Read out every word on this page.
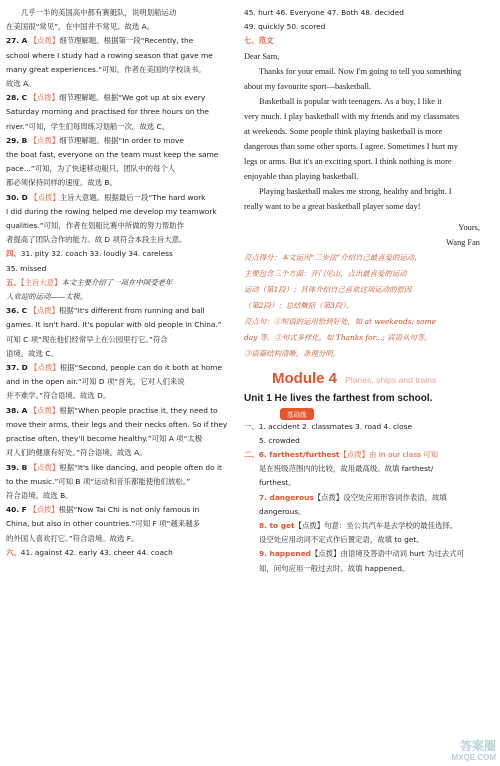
几乎一半的美国高中都有赛艇队，说明划船运动

在美国很“常见”，在中国并不常见。故选 A。

27. A 【点拨】细节理解题。根据第一段“Recently, the

school where I study had a rowing season that gave me

many great experiences.”可知，作者在美国的学校读书。

故选 A。

28. C 【点拨】细节理解题。根据“We got up at six every

Saturday morning and practised for three hours on the

river.”可知，学生们每周练习划船一次。故选 C。

29. B 【点拨】细节理解题。根据“In order to move

the boat fast, everyone on the team must keep the same

pace...”可知，为了快速移动船只，团队中的每个人

都必须保持同样的速度。故选 B。

30. D 【点拨】主旨大意题。根据最后一段“The hard work

I did during the rowing helped me develop my teamwork

qualities.”可知，作者在划船比赛中所做的努力帮助作

者提高了团队合作的能力。故 D 项符合本段主旨大意。

四、31. pity 32. coach 33. loudly 34. careless

35. missed

五、【主旨大意】本文主要介绍了一项在中国受老年

人欢迎的运动——太极。

36. C 【点拨】根据“It's different from running and ball

games. It isn't hard. It's popular with old people in China.”

可知 C 项“现在他们经常早上在公园里打它。”符合

语境。故选 C。

37. D 【点拨】根据“Second, people can do it both at home

and in the open air.”可知 D 项“首先，它对人们来说

并不难学。”符合语境。故选 D。

38. A 【点拨】根据“When people practise it, they need to

move their arms, their legs and their necks often. So if they

practise often, they'll become healthy.”可知 A 项“太极

对人们的健康有好处。”符合语境。故选 A。

39. B 【点拨】根据“It's like dancing, and people often do it

to the music.”可知 B 项“运动和音乐都能使他们放松。”

符合语境。故选 B。

40. F 【点拨】根据“Now Tai Chi is not only famous in

China, but also in other countries.”可知 F 项“越来越多

的外国人喜欢打它。”符合语境。故选 F。

六、41. against 42. early 43. cheer 44. coach

45. hurt 46. Everyone 47. Both 48. decided

49. quickly 50. scored

七、范文

Dear Sam,
Thanks for your email. Now I'm going to tell you something
about my favourite sport—basketball.
Basketball is popular with teenagers. As a boy, I like it
very much. I play basketball with my friends and my classmates
at weekends. Some people think playing basketball is more
dangerous than some other sports. I agree. Sometimes I hurt my
legs or arms. But it's an exciting sport. I think nothing is more
enjoyable than playing basketball.
Playing basketball makes me strong, healthy and bright. I
really want to be a great basketball player some day!
Yours,
Wang Fan
亮点得分：本文运用“三步法”介绍自己最喜爱的运动，
主要包含三个方面：开门见山，点出最喜爱的运动
运动（第1段）；具体介绍自己喜欢这项运动的原因
（第2段）；总结概括（第3段）。
亮点句：①短语的运用恰到好处，如 at weekends; some
day 等。②句式多样化，如 Thanks for...; 宾语从句等。
③语篇结构清晰，条理分明。
Module 4 Planes, ships and trains
Unit 1 He lives the farthest from school.
基础练

一、1. accident 2. classmates 3. road 4. close

5. crowded

二、6. farthest/furthest【点拨】由 In our class 可知

是在班级范围内的比较，故用最高级。故填 farthest/

furthest。

7. dangerous【点拨】设空处应用形容词作表语，故填

dangerous。

8. to get【点拨】句意：坐公共汽车是去学校的最佳选择。

设空处应用动词不定式作后置定语，故填 to get。

9. happened【点拨】由语境及答语中动词 hurt 为过去式可

知，问句应用一般过去时。故填 happened。

答案圈
MXQE.COM
